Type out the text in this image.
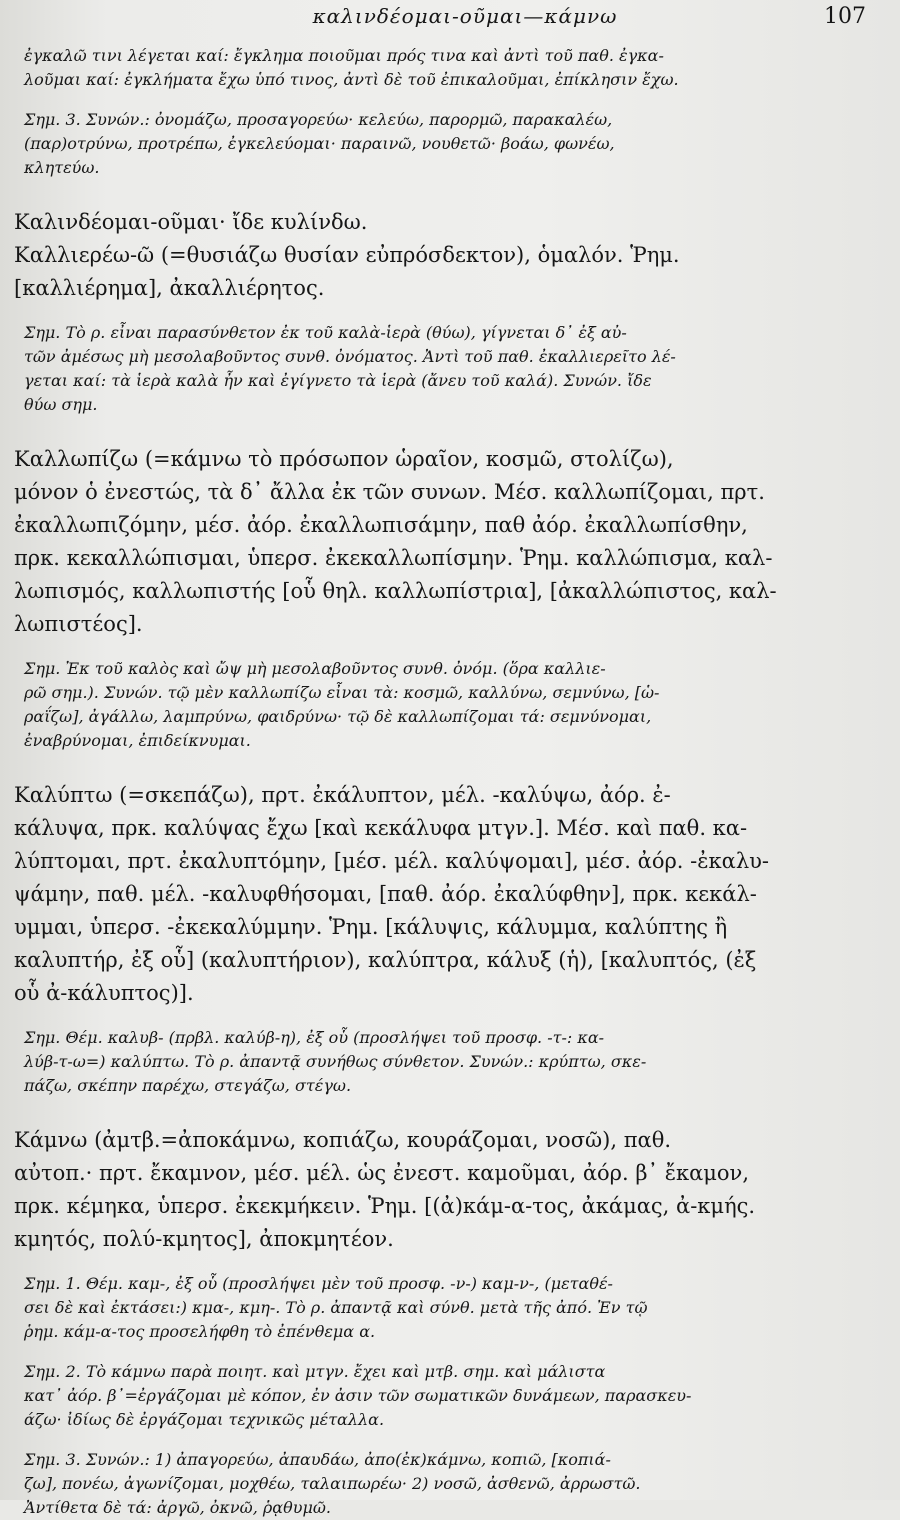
καλινδέομαι-οῦμαι—κάμνω	107

ἐγκαλῶ τινι λέγεται καί: ἔγκλημα ποιοῦμαι πρός τινα καὶ ἀντὶ τοῦ παθ. ἐγκα-

λοῦμαι καί: ἐγκλήματα ἔχω ὑπό τινος, ἀντὶ δὲ τοῦ ἐπικαλοῦμαι, ἐπίκλησιν ἔχω.

Σημ. 3. Συνών.: ὀνομάζω, προσαγορεύω· κελεύω, παρορμῶ, παρακαλέω,

(παρ)οτρύνω, προτρέπω, ἐγκελεύομαι· παραινῶ, νουθετῶ· βοάω, φωνέω,

κλητεύω.

Καλινδέομαι-οῦμαι· ἴδε κυλίνδω.

Καλλιερέω-ῶ (=θυσιάζω θυσίαν εὐπρόσδεκτον), ὁμαλόν. Ῥημ.

[καλλιέρημα], ἀκαλλιέρητος.

Σημ. Τὸ ρ. εἶναι παρασύνθετον ἐκ τοῦ καλὰ-ἱερὰ (θύω), γίγνεται δ᾽ ἐξ αὐ-

τῶν ἀμέσως μὴ μεσολαβοῦντος συνθ. ὀνόματος. Ἀντὶ τοῦ παθ. ἐκαλλιερεῖτο λέ-

γεται καί: τὰ ἱερὰ καλὰ ἦν καὶ ἐγίγνετο τὰ ἱερὰ (ἄνευ τοῦ καλά). Συνών. ἴδε

θύω σημ.

Καλλωπίζω (=κάμνω τὸ πρόσωπον ὡραῖον, κοσμῶ, στολίζω),

μόνον ὁ ἐνεστώς, τὰ δ᾽ ἄλλα ἐκ τῶν συνων. Μέσ. καλλωπίζομαι, πρτ.

ἐκαλλωπιζόμην, μέσ. ἀόρ. ἐκαλλωπισάμην, παθ ἀόρ. ἐκαλλωπίσθην,

πρκ. κεκαλλώπισμαι, ὑπερσ. ἐκεκαλλωπίσμην. Ῥημ. καλλώπισμα, καλ-

λωπισμός, καλλωπιστής [οὗ θηλ. καλλωπίστρια], [ἀκαλλώπιστος, καλ-

λωπιστέος].

Σημ. Ἐκ τοῦ καλὸς καὶ ὤψ μὴ μεσολαβοῦντος συνθ. ὀνόμ. (ὅρα καλλιε-

ρῶ σημ.). Συνών. τῷ μὲν καλλωπίζω εἶναι τὰ: κοσμῶ, καλλύνω, σεμνύνω, [ὡ-

ραΐζω], ἀγάλλω, λαμπρύνω, φαιδρύνω· τῷ δὲ καλλωπίζομαι τά: σεμνύνομαι,

ἐναβρύνομαι, ἐπιδείκνυμαι.

Καλύπτω (=σκεπάζω), πρτ. ἐκάλυπτον, μέλ. -καλύψω, ἀόρ. ἐ-

κάλυψα, πρκ. καλύψας ἔχω [καὶ κεκάλυφα μτγν.]. Μέσ. καὶ παθ. κα-

λύπτομαι, πρτ. ἐκαλυπτόμην, [μέσ. μέλ. καλύψομαι], μέσ. ἀόρ. -ἐκαλυ-

ψάμην, παθ. μέλ. -καλυφθήσομαι, [παθ. ἀόρ. ἐκαλύφθην], πρκ. κεκάλ-

υμμαι, ὑπερσ. -ἐκεκαλύμμην. Ῥημ. [κάλυψις, κάλυμμα, καλύπτης ἢ

καλυπτήρ, ἐξ οὗ] (καλυπτήριον), καλύπτρα, κάλυξ (ἡ), [καλυπτός, (ἐξ

οὗ ἀ-κάλυπτος)].

Σημ. Θέμ. καλυβ- (πρβλ. καλύβ-η), ἐξ οὗ (προσλήψει τοῦ προσφ. -τ-: κα-

λύβ-τ-ω=) καλύπτω. Τὸ ρ. ἀπαντᾷ συνήθως σύνθετον. Συνών.: κρύπτω, σκε-

πάζω, σκέπην παρέχω, στεγάζω, στέγω.

Κάμνω (ἀμτβ.=ἀποκάμνω, κοπιάζω, κουράζομαι, νοσῶ), παθ.

αὐτοπ.· πρτ. ἔκαμνον, μέσ. μέλ. ὡς ἐνεστ. καμοῦμαι, ἀόρ. β᾽ ἔκαμον,

πρκ. κέμηκα, ὑπερσ. ἐκεκμήκειν. Ῥημ. [(ἀ)κάμ-α-τος, ἀκάμας, ἀ-κμής.

κμητός, πολύ-κμητος], ἀποκμητέον.

Σημ. 1. Θέμ. καμ-, ἐξ οὗ (προσλήψει μὲν τοῦ προσφ. -ν-) καμ-ν-, (μεταθέ-

σει δὲ καὶ ἐκτάσει:) κμα-, κμη-. Τὸ ρ. ἀπαντᾷ καὶ σύνθ. μετὰ τῆς ἀπό. Ἐν τῷ

ῥημ. κάμ-α-τος προσελήφθη τὸ ἐπένθεμα α.

Σημ. 2. Τὸ κάμνω παρὰ ποιητ. καὶ μτγν. ἔχει καὶ μτβ. σημ. καὶ μάλιστα

κατ᾽ ἀόρ. β᾽=ἐργάζομαι μὲ κόπον, ἐν ἀσιν τῶν σωματικῶν δυνάμεων, παρασκευ-

άζω· ἰδίως δὲ ἐργάζομαι τεχνικῶς μέταλλα.

Σημ. 3. Συνών.: 1) ἀπαγορεύω, ἀπαυδάω, ἀπο(ἐκ)κάμνω, κοπιῶ, [κοπιά-

ζω], πονέω, ἀγωνίζομαι, μοχθέω, ταλαιπωρέω· 2) νοσῶ, ἀσθενῶ, ἀρρωστῶ.

Ἀντίθετα δὲ τά: ἀργῶ, ὀκνῶ, ῥᾳθυμῶ.
